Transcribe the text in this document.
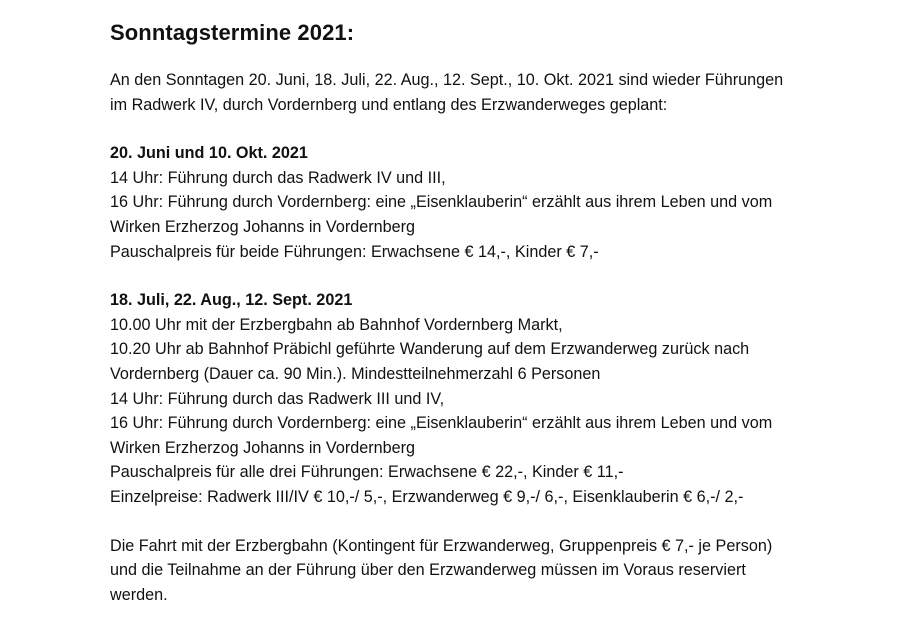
Sonntagstermine 2021:
An den Sonntagen 20. Juni, 18. Juli, 22. Aug., 12. Sept., 10. Okt. 2021 sind wieder Führungen
im Radwerk IV, durch Vordernberg und entlang des Erzwanderweges geplant:
20. Juni und 10. Okt. 2021
14 Uhr: Führung durch das Radwerk IV und III,
16 Uhr: Führung durch Vordernberg: eine „Eisenklauberin“ erzählt aus ihrem Leben und vom
Wirken Erzherzog Johanns in Vordernberg
Pauschalpreis für beide Führungen: Erwachsene € 14,-, Kinder € 7,-
18. Juli, 22. Aug., 12. Sept. 2021
10.00 Uhr mit der Erzbergbahn ab Bahnhof Vordernberg Markt,
10.20 Uhr ab Bahnhof Präbichl geführte Wanderung auf dem Erzwanderweg zurück nach
Vordernberg (Dauer ca. 90 Min.). Mindestteilnehmerzahl 6 Personen
14 Uhr: Führung durch das Radwerk III und IV,
16 Uhr: Führung durch Vordernberg: eine „Eisenklauberin“ erzählt aus ihrem Leben und vom
Wirken Erzherzog Johanns in Vordernberg
Pauschalpreis für alle drei Führungen: Erwachsene € 22,-, Kinder € 11,-
Einzelpreise: Radwerk III/IV € 10,-/ 5,-, Erzwanderweg € 9,-/ 6,-, Eisenklauberin € 6,-/ 2,-
Die Fahrt mit der Erzbergbahn (Kontingent für Erzwanderweg, Gruppenpreis € 7,- je Person)
und die Teilnahme an der Führung über den Erzwanderweg müssen im Voraus reserviert
werden.
